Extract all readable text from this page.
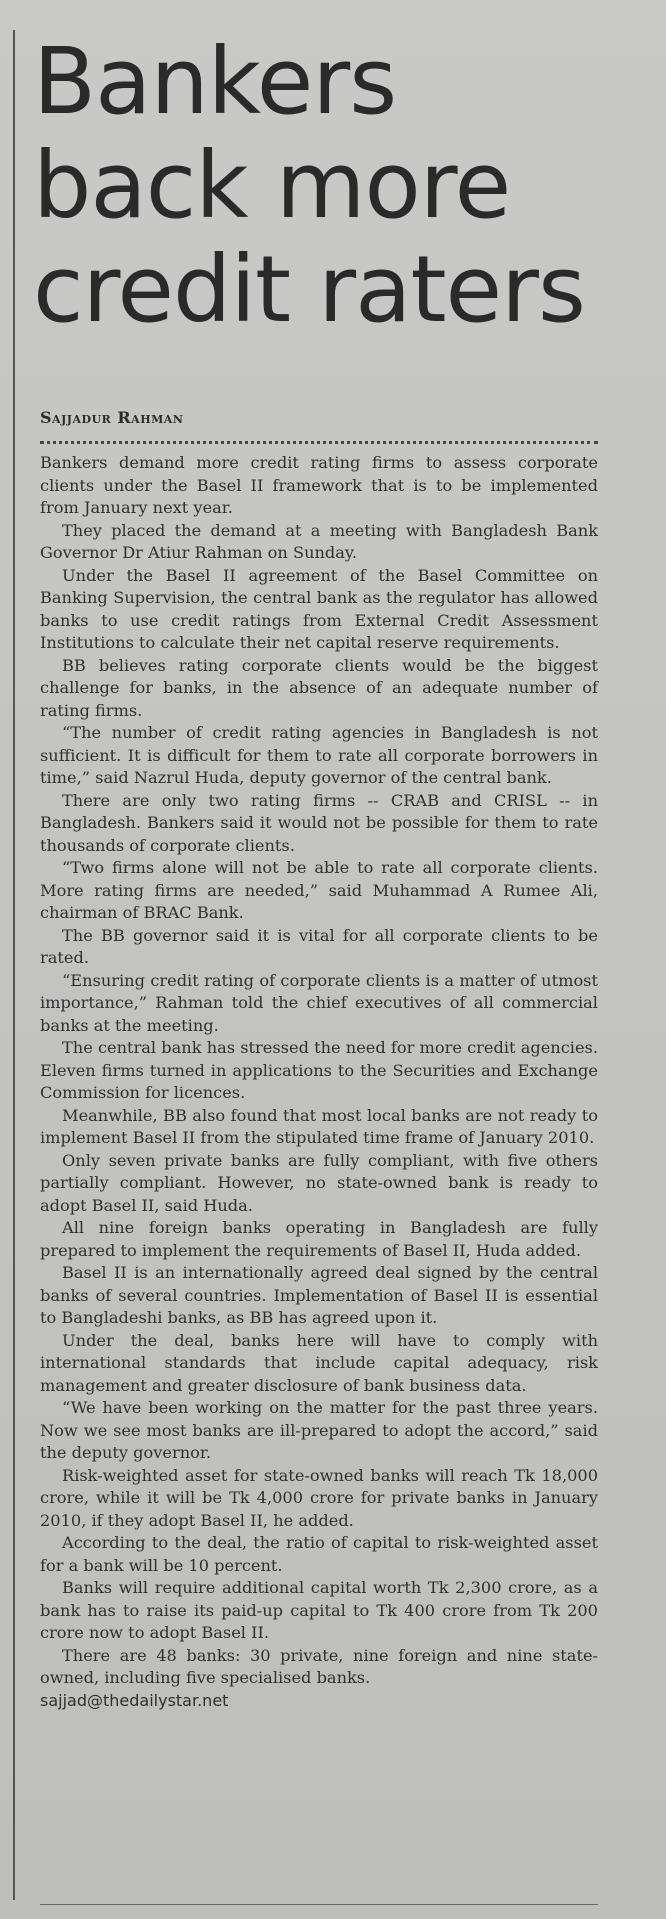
Bankers back more credit raters
Sajjadur Rahman

Bankers demand more credit rating firms to assess corporate clients under the Basel II framework that is to be implemented from January next year.

They placed the demand at a meeting with Bangladesh Bank Governor Dr Atiur Rahman on Sunday.

Under the Basel II agreement of the Basel Committee on Banking Supervision, the central bank as the regulator has allowed banks to use credit ratings from External Credit Assessment Institutions to calculate their net capital reserve requirements.

BB believes rating corporate clients would be the biggest challenge for banks, in the absence of an adequate number of rating firms.

“The number of credit rating agencies in Bangladesh is not sufficient. It is difficult for them to rate all corporate borrowers in time,” said Nazrul Huda, deputy governor of the central bank.

There are only two rating firms -- CRAB and CRISL -- in Bangladesh. Bankers said it would not be possible for them to rate thousands of corporate clients.

“Two firms alone will not be able to rate all corporate clients. More rating firms are needed,” said Muhammad A Rumee Ali, chairman of BRAC Bank.

The BB governor said it is vital for all corporate clients to be rated.

“Ensuring credit rating of corporate clients is a matter of utmost importance,” Rahman told the chief executives of all commercial banks at the meeting.

The central bank has stressed the need for more credit agencies. Eleven firms turned in applications to the Securities and Exchange Commission for licences.

Meanwhile, BB also found that most local banks are not ready to implement Basel II from the stipulated time frame of January 2010.

Only seven private banks are fully compliant, with five others partially compliant. However, no state-owned bank is ready to adopt Basel II, said Huda.

All nine foreign banks operating in Bangladesh are fully prepared to implement the requirements of Basel II, Huda added.

Basel II is an internationally agreed deal signed by the central banks of several countries. Implementation of Basel II is essential to Bangladeshi banks, as BB has agreed upon it.

Under the deal, banks here will have to comply with international standards that include capital adequacy, risk management and greater disclosure of bank business data.

“We have been working on the matter for the past three years. Now we see most banks are ill-prepared to adopt the accord,” said the deputy governor.

Risk-weighted asset for state-owned banks will reach Tk 18,000 crore, while it will be Tk 4,000 crore for private banks in January 2010, if they adopt Basel II, he added.

According to the deal, the ratio of capital to risk-weighted asset for a bank will be 10 percent.

Banks will require additional capital worth Tk 2,300 crore, as a bank has to raise its paid-up capital to Tk 400 crore from Tk 200 crore now to adopt Basel II.

There are 48 banks: 30 private, nine foreign and nine state-owned, including five specialised banks.

sajjad@thedailystar.net
